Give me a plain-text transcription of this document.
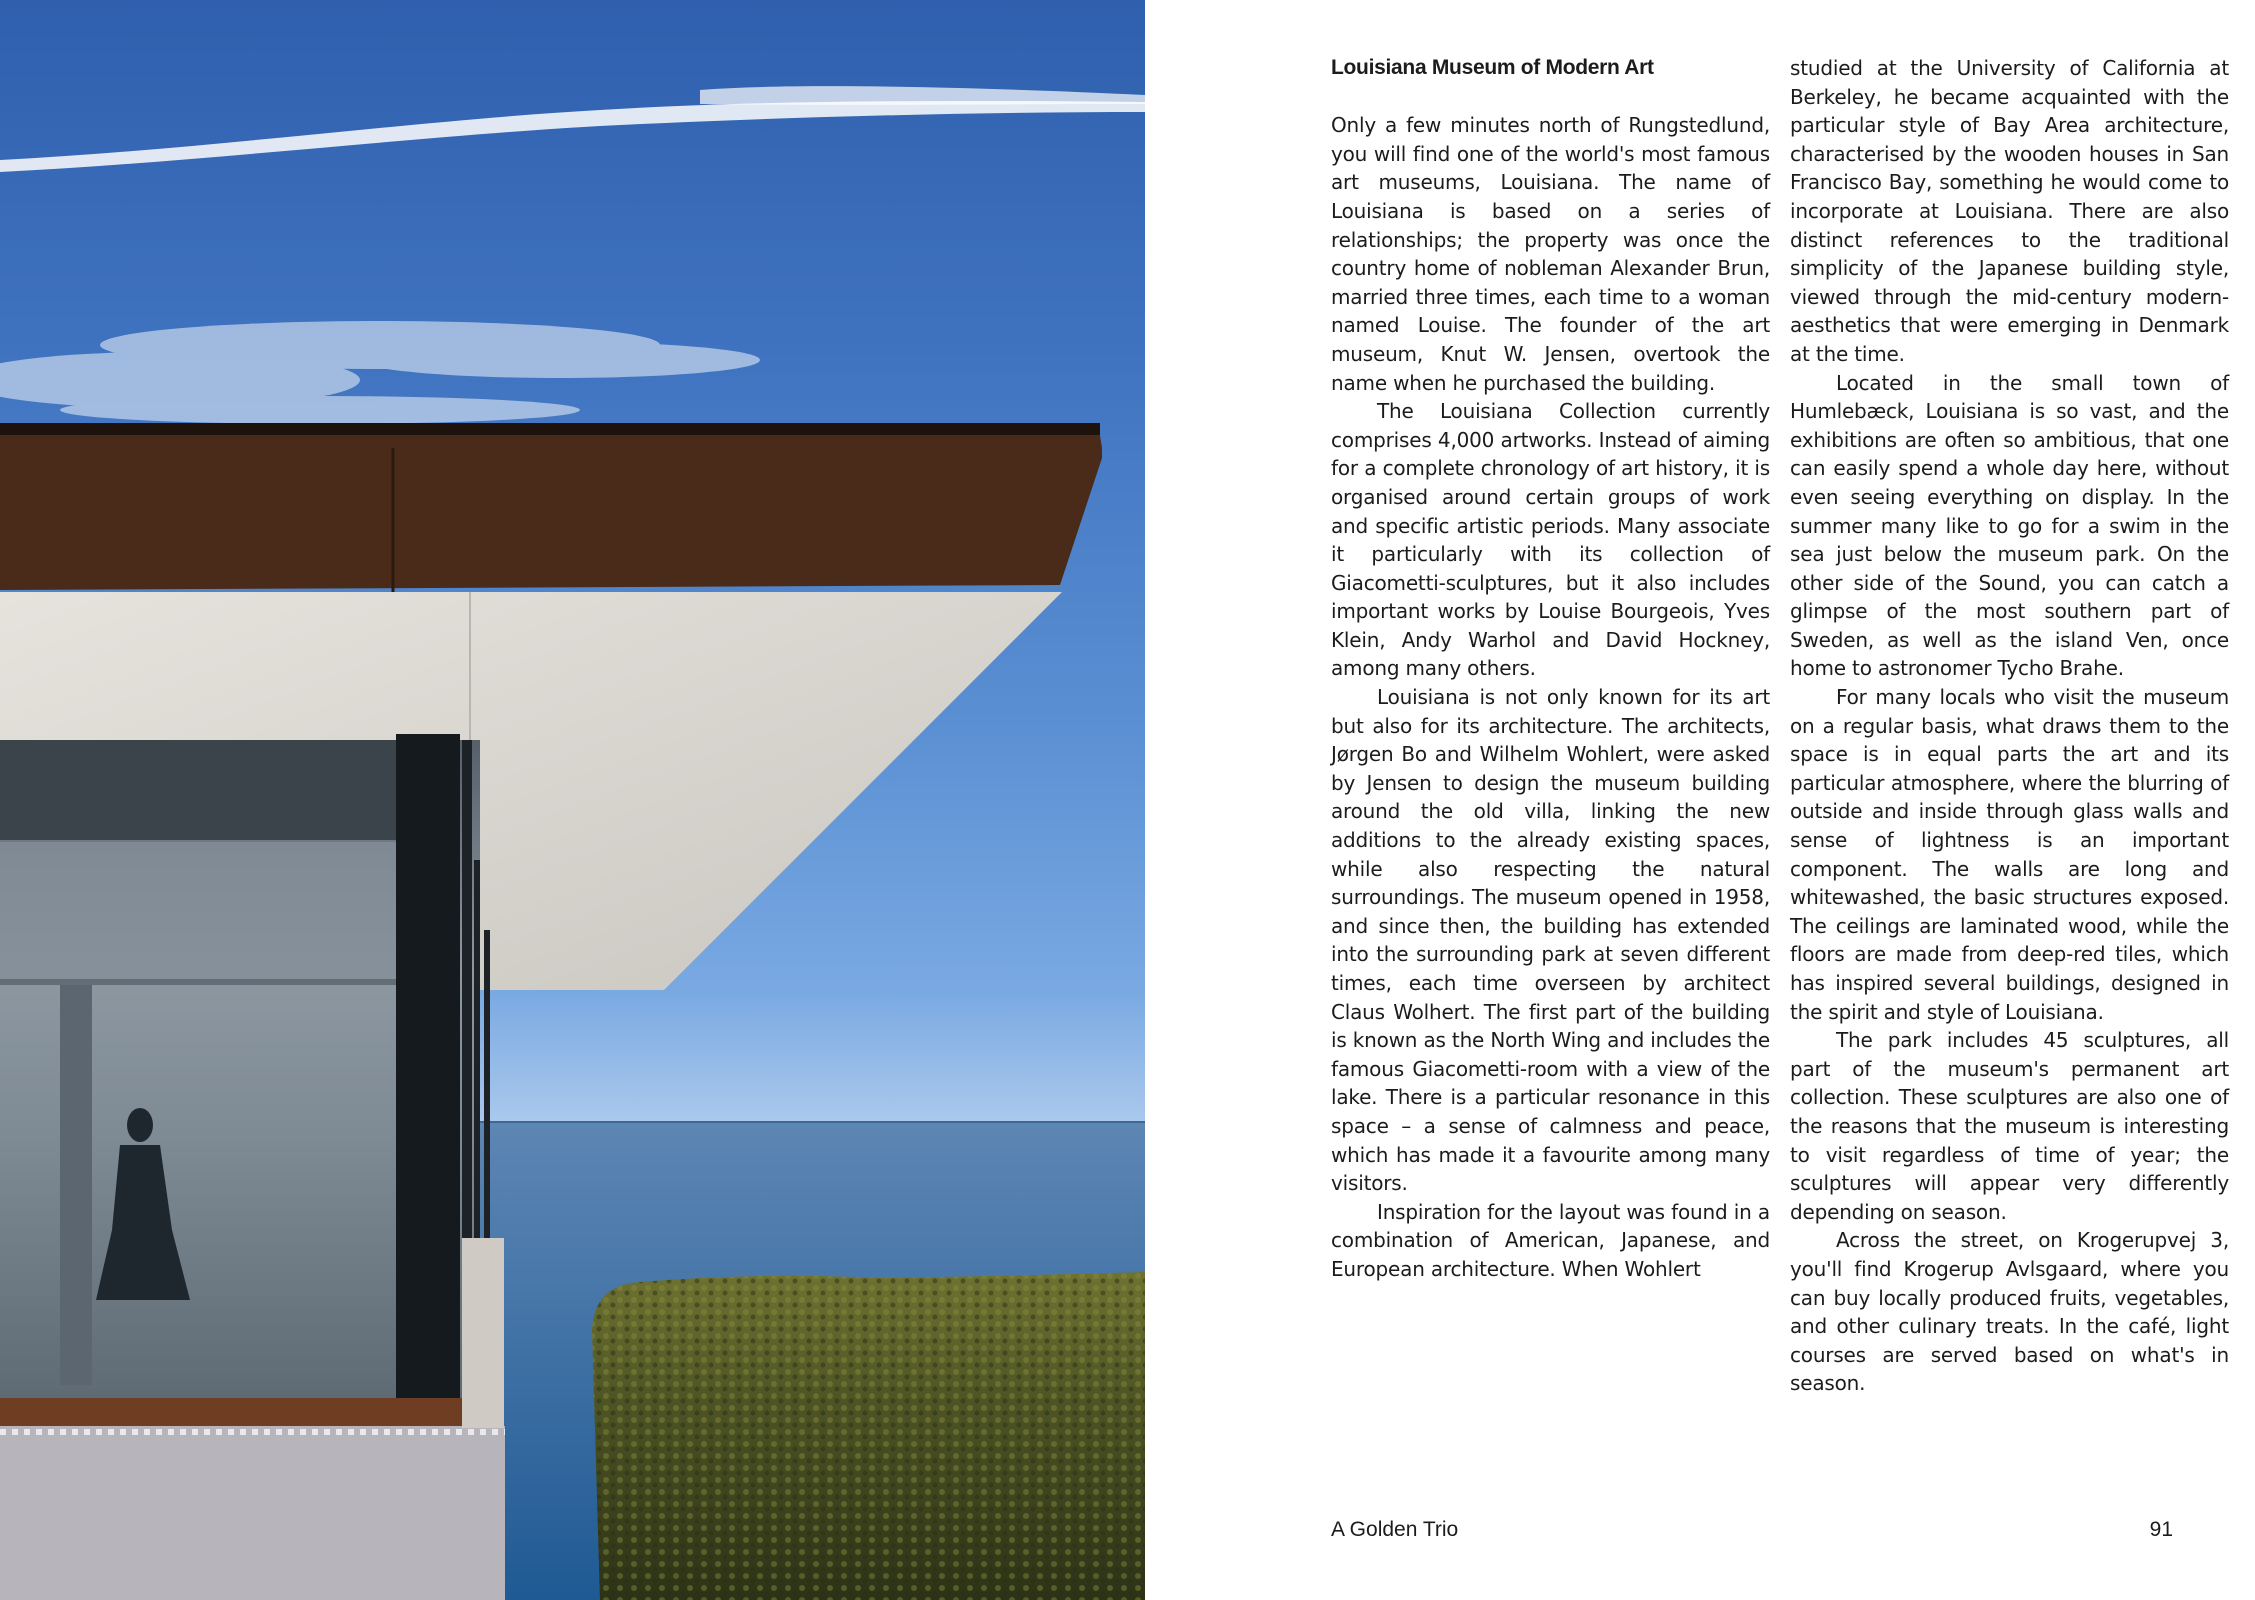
Louisiana Museum of Modern Art

Only a few minutes north of Rungstedlund, you will find one of the world's most famous art museums, Louisiana. The name of Louisiana is based on a series of relationships; the property was once the country home of nobleman Alexander Brun, married three times, each time to a woman named Louise. The founder of the art museum, Knut W. Jensen, overtook the name when he purchased the building.

The Louisiana Collection currently comprises 4,000 artworks. Instead of aiming for a complete chronology of art history, it is organised around certain groups of work and specific artistic periods. Many associate it particularly with its collection of Giacometti-sculptures, but it also includes important works by Louise Bourgeois, Yves Klein, Andy Warhol and David Hockney, among many others.

Louisiana is not only known for its art but also for its architecture. The architects, Jørgen Bo and Wilhelm Wohlert, were asked by Jensen to design the museum building around the old villa, linking the new additions to the already existing spaces, while also respecting the natural surroundings. The museum opened in 1958, and since then, the building has extended into the surrounding park at seven different times, each time overseen by architect Claus Wolhert. The first part of the building is known as the North Wing and includes the famous Giacometti-room with a view of the lake. There is a particular resonance in this space – a sense of calmness and peace, which has made it a favourite among many visitors.

Inspiration for the layout was found in a combination of American, Japanese, and European architecture. When Wohlert

studied at the University of California at Berkeley, he became acquainted with the particular style of Bay Area architecture, characterised by the wooden houses in San Francisco Bay, something he would come to incorporate at Louisiana. There are also distinct references to the traditional simplicity of the Japanese building style, viewed through the mid-century modern-aesthetics that were emerging in Denmark at the time.

Located in the small town of Humlebæck, Louisiana is so vast, and the exhibitions are often so ambitious, that one can easily spend a whole day here, without even seeing everything on display. In the summer many like to go for a swim in the sea just below the museum park. On the other side of the Sound, you can catch a glimpse of the most southern part of Sweden, as well as the island Ven, once home to astronomer Tycho Brahe.

For many locals who visit the museum on a regular basis, what draws them to the space is in equal parts the art and its particular atmosphere, where the blurring of outside and inside through glass walls and sense of lightness is an important component. The walls are long and whitewashed, the basic structures exposed. The ceilings are laminated wood, while the floors are made from deep-red tiles, which has inspired several buildings, designed in the spirit and style of Louisiana.

The park includes 45 sculptures, all part of the museum's permanent art collection. These sculptures are also one of the reasons that the museum is interesting to visit regardless of time of year; the sculptures will appear very differently depending on season.

Across the street, on Krogerupvej 3, you'll find Krogerup Avlsgaard, where you can buy locally produced fruits, vegetables, and other culinary treats. In the café, light courses are served based on what's in season.

A Golden Trio	91
